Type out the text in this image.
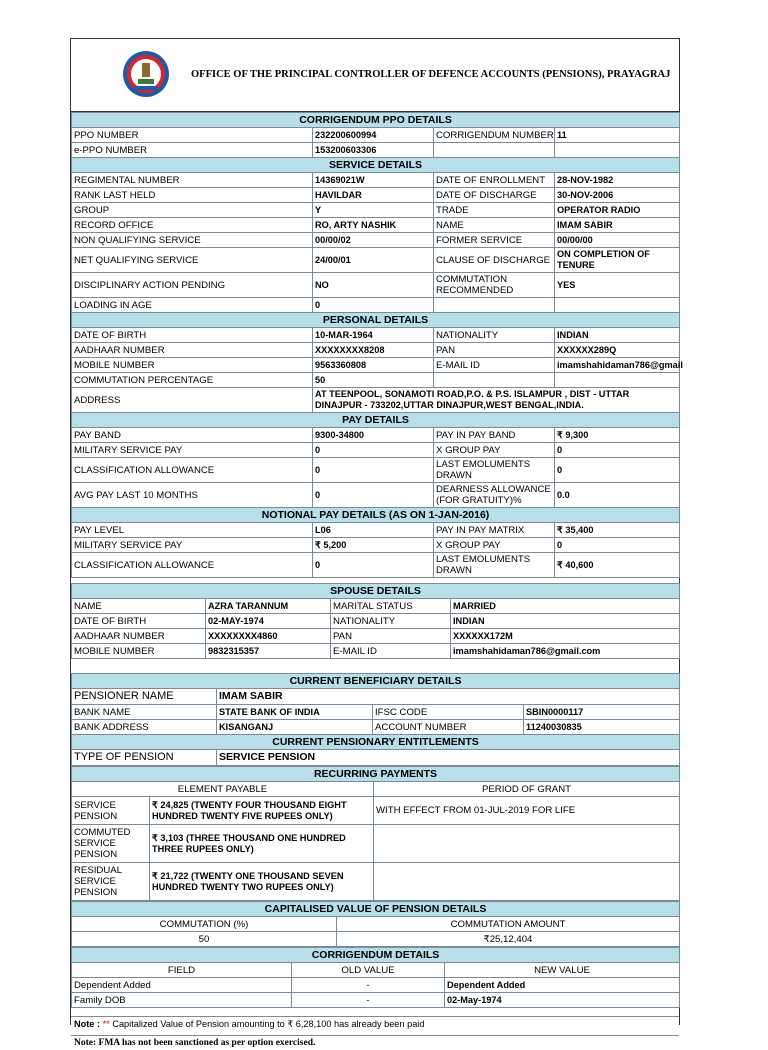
OFFICE OF THE PRINCIPAL CONTROLLER OF DEFENCE ACCOUNTS (PENSIONS), PRAYAGRAJ
CORRIGENDUM PPO DETAILS			
PPO NUMBER	232200600994	CORRIGENDUM NUMBER	11
e-PPO NUMBER	153200603306		
SERVICE DETAILS			
REGIMENTAL NUMBER	14369021W	DATE OF ENROLLMENT	28-NOV-1982
RANK LAST HELD	HAVILDAR	DATE OF DISCHARGE	30-NOV-2006
GROUP	Y	TRADE	OPERATOR RADIO
RECORD OFFICE	RO, ARTY NASHIK	NAME	IMAM SABIR
NON QUALIFYING SERVICE	00/00/02	FORMER SERVICE	00/00/00
NET QUALIFYING SERVICE	24/00/01	CLAUSE OF DISCHARGE	ON COMPLETION OF TENURE
DISCIPLINARY ACTION PENDING	NO	COMMUTATION RECOMMENDED	YES
LOADING IN AGE	0		
PERSONAL DETAILS			
DATE OF BIRTH	10-MAR-1964	NATIONALITY	INDIAN
AADHAAR NUMBER	XXXXXXXX8208	PAN	XXXXXX289Q
MOBILE NUMBER	9563360808	E-MAIL ID	imamshahidaman786@gmail
COMMUTATION PERCENTAGE	50		
ADDRESS	AT TEENPOOL, SONAMOTI ROAD,P.O. & P.S. ISLAMPUR , DIST - UTTAR DINAJPUR - 733202,UTTAR DINAJPUR,WEST BENGAL,INDIA.		
PAY DETAILS			
PAY BAND	9300-34800	PAY IN PAY BAND	₹ 9,300
MILITARY SERVICE PAY	0	X GROUP PAY	0
CLASSIFICATION ALLOWANCE	0	LAST EMOLUMENTS DRAWN	0
AVG PAY LAST 10 MONTHS	0	DEARNESS ALLOWANCE (FOR GRATUITY)%	0.0
NOTIONAL PAY DETAILS (AS ON 1-JAN-2016)			
PAY LEVEL	L06	PAY IN PAY MATRIX	₹ 35,400
MILITARY SERVICE PAY	₹ 5,200	X GROUP PAY	0
CLASSIFICATION ALLOWANCE	0	LAST EMOLUMENTS DRAWN	₹ 40,600
SPOUSE DETAILS			
NAME	AZRA TARANNUM	MARITAL STATUS	MARRIED
DATE OF BIRTH	02-MAY-1974	NATIONALITY	INDIAN
AADHAAR NUMBER	XXXXXXXX4860	PAN	XXXXXX172M
MOBILE NUMBER	9832315357	E-MAIL ID	imamshahidaman786@gmail.com
CURRENT BENEFICIARY DETAILS			
PENSIONER NAME	IMAM SABIR		
BANK NAME	STATE BANK OF INDIA	IFSC CODE	SBIN0000117
BANK ADDRESS	KISANGANJ	ACCOUNT NUMBER	11240030835
CURRENT PENSIONARY ENTITLEMENTS			
TYPE OF PENSION	SERVICE PENSION		
RECURRING PAYMENTS		
ELEMENT PAYABLE		PERIOD OF GRANT
SERVICE PENSION	₹ 24,825 (TWENTY FOUR THOUSAND EIGHT HUNDRED TWENTY FIVE RUPEES ONLY)	WITH EFFECT FROM 01-JUL-2019 FOR LIFE
COMMUTED SERVICE PENSION	₹ 3,103 (THREE THOUSAND ONE HUNDRED THREE RUPEES ONLY)	
RESIDUAL SERVICE PENSION	₹ 21,722 (TWENTY ONE THOUSAND SEVEN HUNDRED TWENTY TWO RUPEES ONLY)	
CAPITALISED VALUE OF PENSION DETAILS	
COMMUTATION (%)	COMMUTATION AMOUNT
50	₹25,12,404
CORRIGENDUM DETAILS		
FIELD	OLD VALUE	NEW VALUE
Dependent Added	-	Dependent Added
Family DOB	-	02-May-1974
Note : ** Capitalized Value of Pension amounting to ₹ 6,28,100 has already been paid
Note: FMA has not been sanctioned as per option exercised.
